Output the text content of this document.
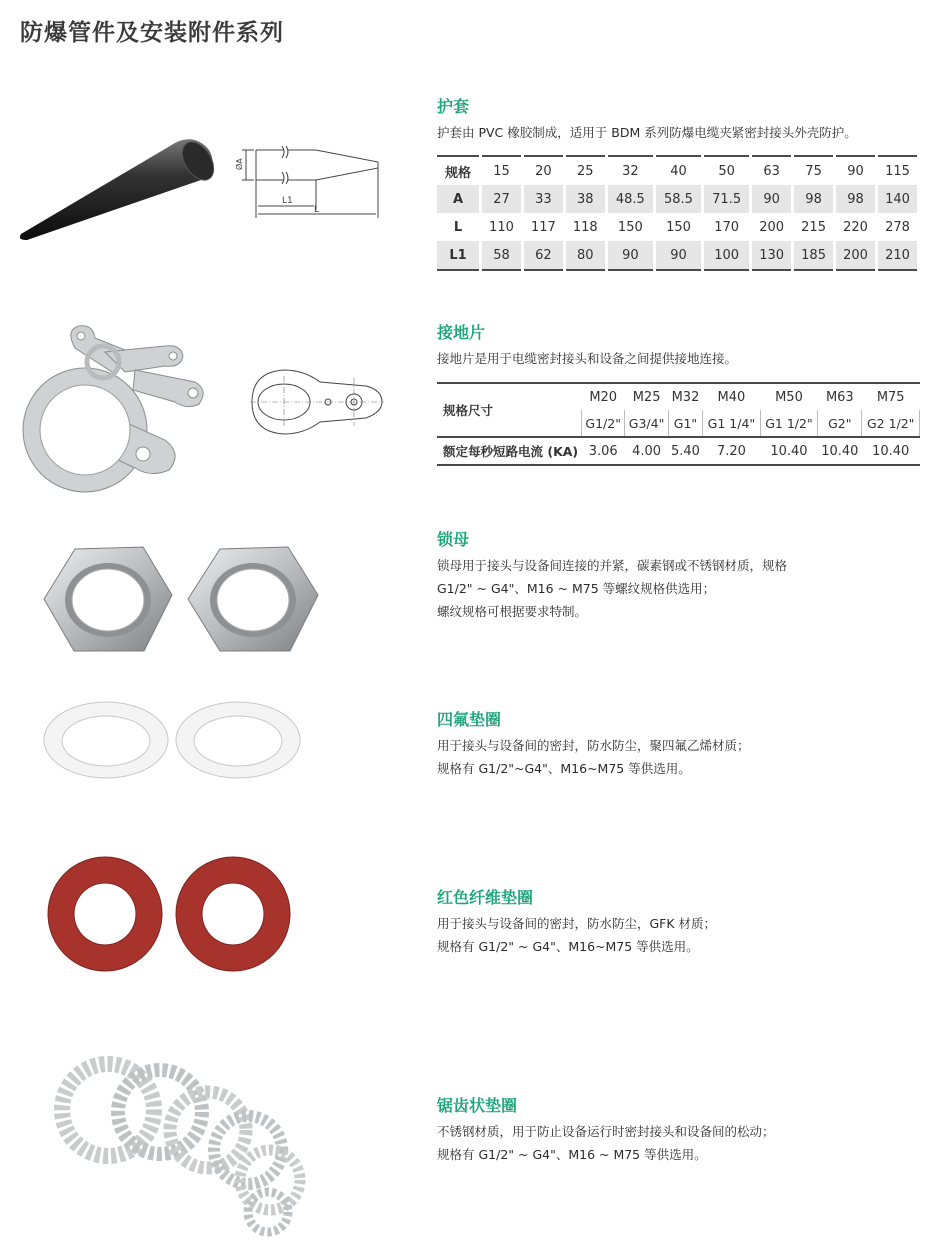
防爆管件及安装附件系列
ØA
L1
L
护套
护套由 PVC 橡胶制成，适用于 BDM 系列防爆电缆夹紧密封接头外壳防护。
规格	15	20	25	32	40	50	63	75	90	115
A	27	33	38	48.5	58.5	71.5	90	98	98	140
L	110	117	118	150	150	170	200	215	220	278
L1	58	62	80	90	90	100	130	185	200	210
接地片
接地片是用于电缆密封接头和设备之间提供接地连接。
规格尺寸	M20	M25	M32	M40	M50	M63	M75
	G1/2"	G3/4"	G1"	G1 1/4"	G1 1/2"	G2"	G2 1/2"
额定每秒短路电流 (KA)	3.06	4.00	5.40	7.20	10.40	10.40	10.40
锁母
锁母用于接头与设备间连接的并紧，碳素钢或不锈钢材质，规格
G1/2" ~ G4"、M16 ~ M75 等螺纹规格供选用；
螺纹规格可根据要求特制。
四氟垫圈
用于接头与设备间的密封，防水防尘，聚四氟乙烯材质；
规格有 G1/2"~G4"、M16~M75 等供选用。
红色纤维垫圈
用于接头与设备间的密封，防水防尘，GFK 材质；
规格有 G1/2" ~ G4"、M16~M75 等供选用。
锯齿状垫圈
不锈钢材质，用于防止设备运行时密封接头和设备间的松动；
规格有 G1/2" ~ G4"、M16 ~ M75 等供选用。
